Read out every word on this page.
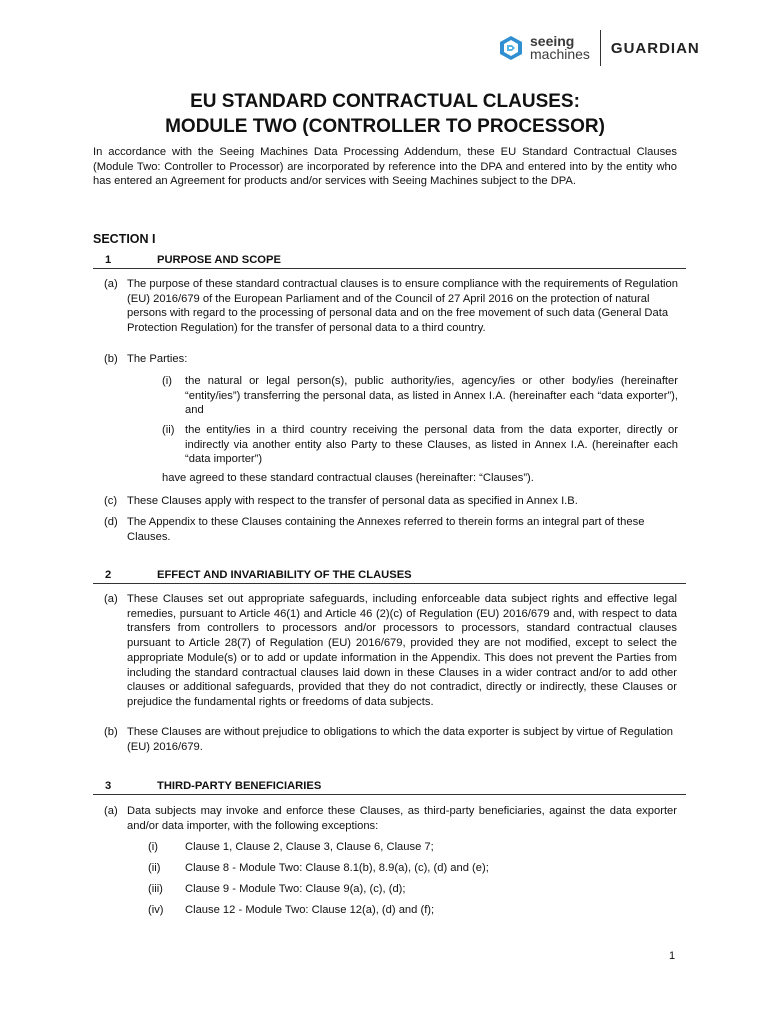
seeing
machines GUARDIAN
EU STANDARD CONTRACTUAL CLAUSES:
MODULE TWO (CONTROLLER TO PROCESSOR)
In accordance with the Seeing Machines Data Processing Addendum, these EU Standard Contractual Clauses (Module Two: Controller to Processor) are incorporated by reference into the DPA and entered into by the entity who has entered an Agreement for products and/or services with Seeing Machines subject to the DPA.
SECTION I
1	PURPOSE AND SCOPE
(a) The purpose of these standard contractual clauses is to ensure compliance with the requirements of Regulation (EU) 2016/679 of the European Parliament and of the Council of 27 April 2016 on the protection of natural persons with regard to the processing of personal data and on the free movement of such data (General Data Protection Regulation) for the transfer of personal data to a third country.
(b) The Parties:
(i) the natural or legal person(s), public authority/ies, agency/ies or other body/ies (hereinafter “entity/ies”) transferring the personal data, as listed in Annex I.A. (hereinafter each “data exporter”), and
(ii) the entity/ies in a third country receiving the personal data from the data exporter, directly or indirectly via another entity also Party to these Clauses, as listed in Annex I.A. (hereinafter each “data importer”)
have agreed to these standard contractual clauses (hereinafter: “Clauses”).
(c) These Clauses apply with respect to the transfer of personal data as specified in Annex I.B.
(d) The Appendix to these Clauses containing the Annexes referred to therein forms an integral part of these Clauses.
2	EFFECT AND INVARIABILITY OF THE CLAUSES
(a) These Clauses set out appropriate safeguards, including enforceable data subject rights and effective legal remedies, pursuant to Article 46(1) and Article 46 (2)(c) of Regulation (EU) 2016/679 and, with respect to data transfers from controllers to processors and/or processors to processors, standard contractual clauses pursuant to Article 28(7) of Regulation (EU) 2016/679, provided they are not modified, except to select the appropriate Module(s) or to add or update information in the Appendix. This does not prevent the Parties from including the standard contractual clauses laid down in these Clauses in a wider contract and/or to add other clauses or additional safeguards, provided that they do not contradict, directly or indirectly, these Clauses or prejudice the fundamental rights or freedoms of data subjects.
(b) These Clauses are without prejudice to obligations to which the data exporter is subject by virtue of Regulation (EU) 2016/679.
3	THIRD-PARTY BENEFICIARIES
(a) Data subjects may invoke and enforce these Clauses, as third-party beneficiaries, against the data exporter and/or data importer, with the following exceptions:
(i) Clause 1, Clause 2, Clause 3, Clause 6, Clause 7;
(ii) Clause 8 - Module Two: Clause 8.1(b), 8.9(a), (c), (d) and (e);
(iii) Clause 9 - Module Two: Clause 9(a), (c), (d);
(iv) Clause 12 - Module Two: Clause 12(a), (d) and (f);
1
